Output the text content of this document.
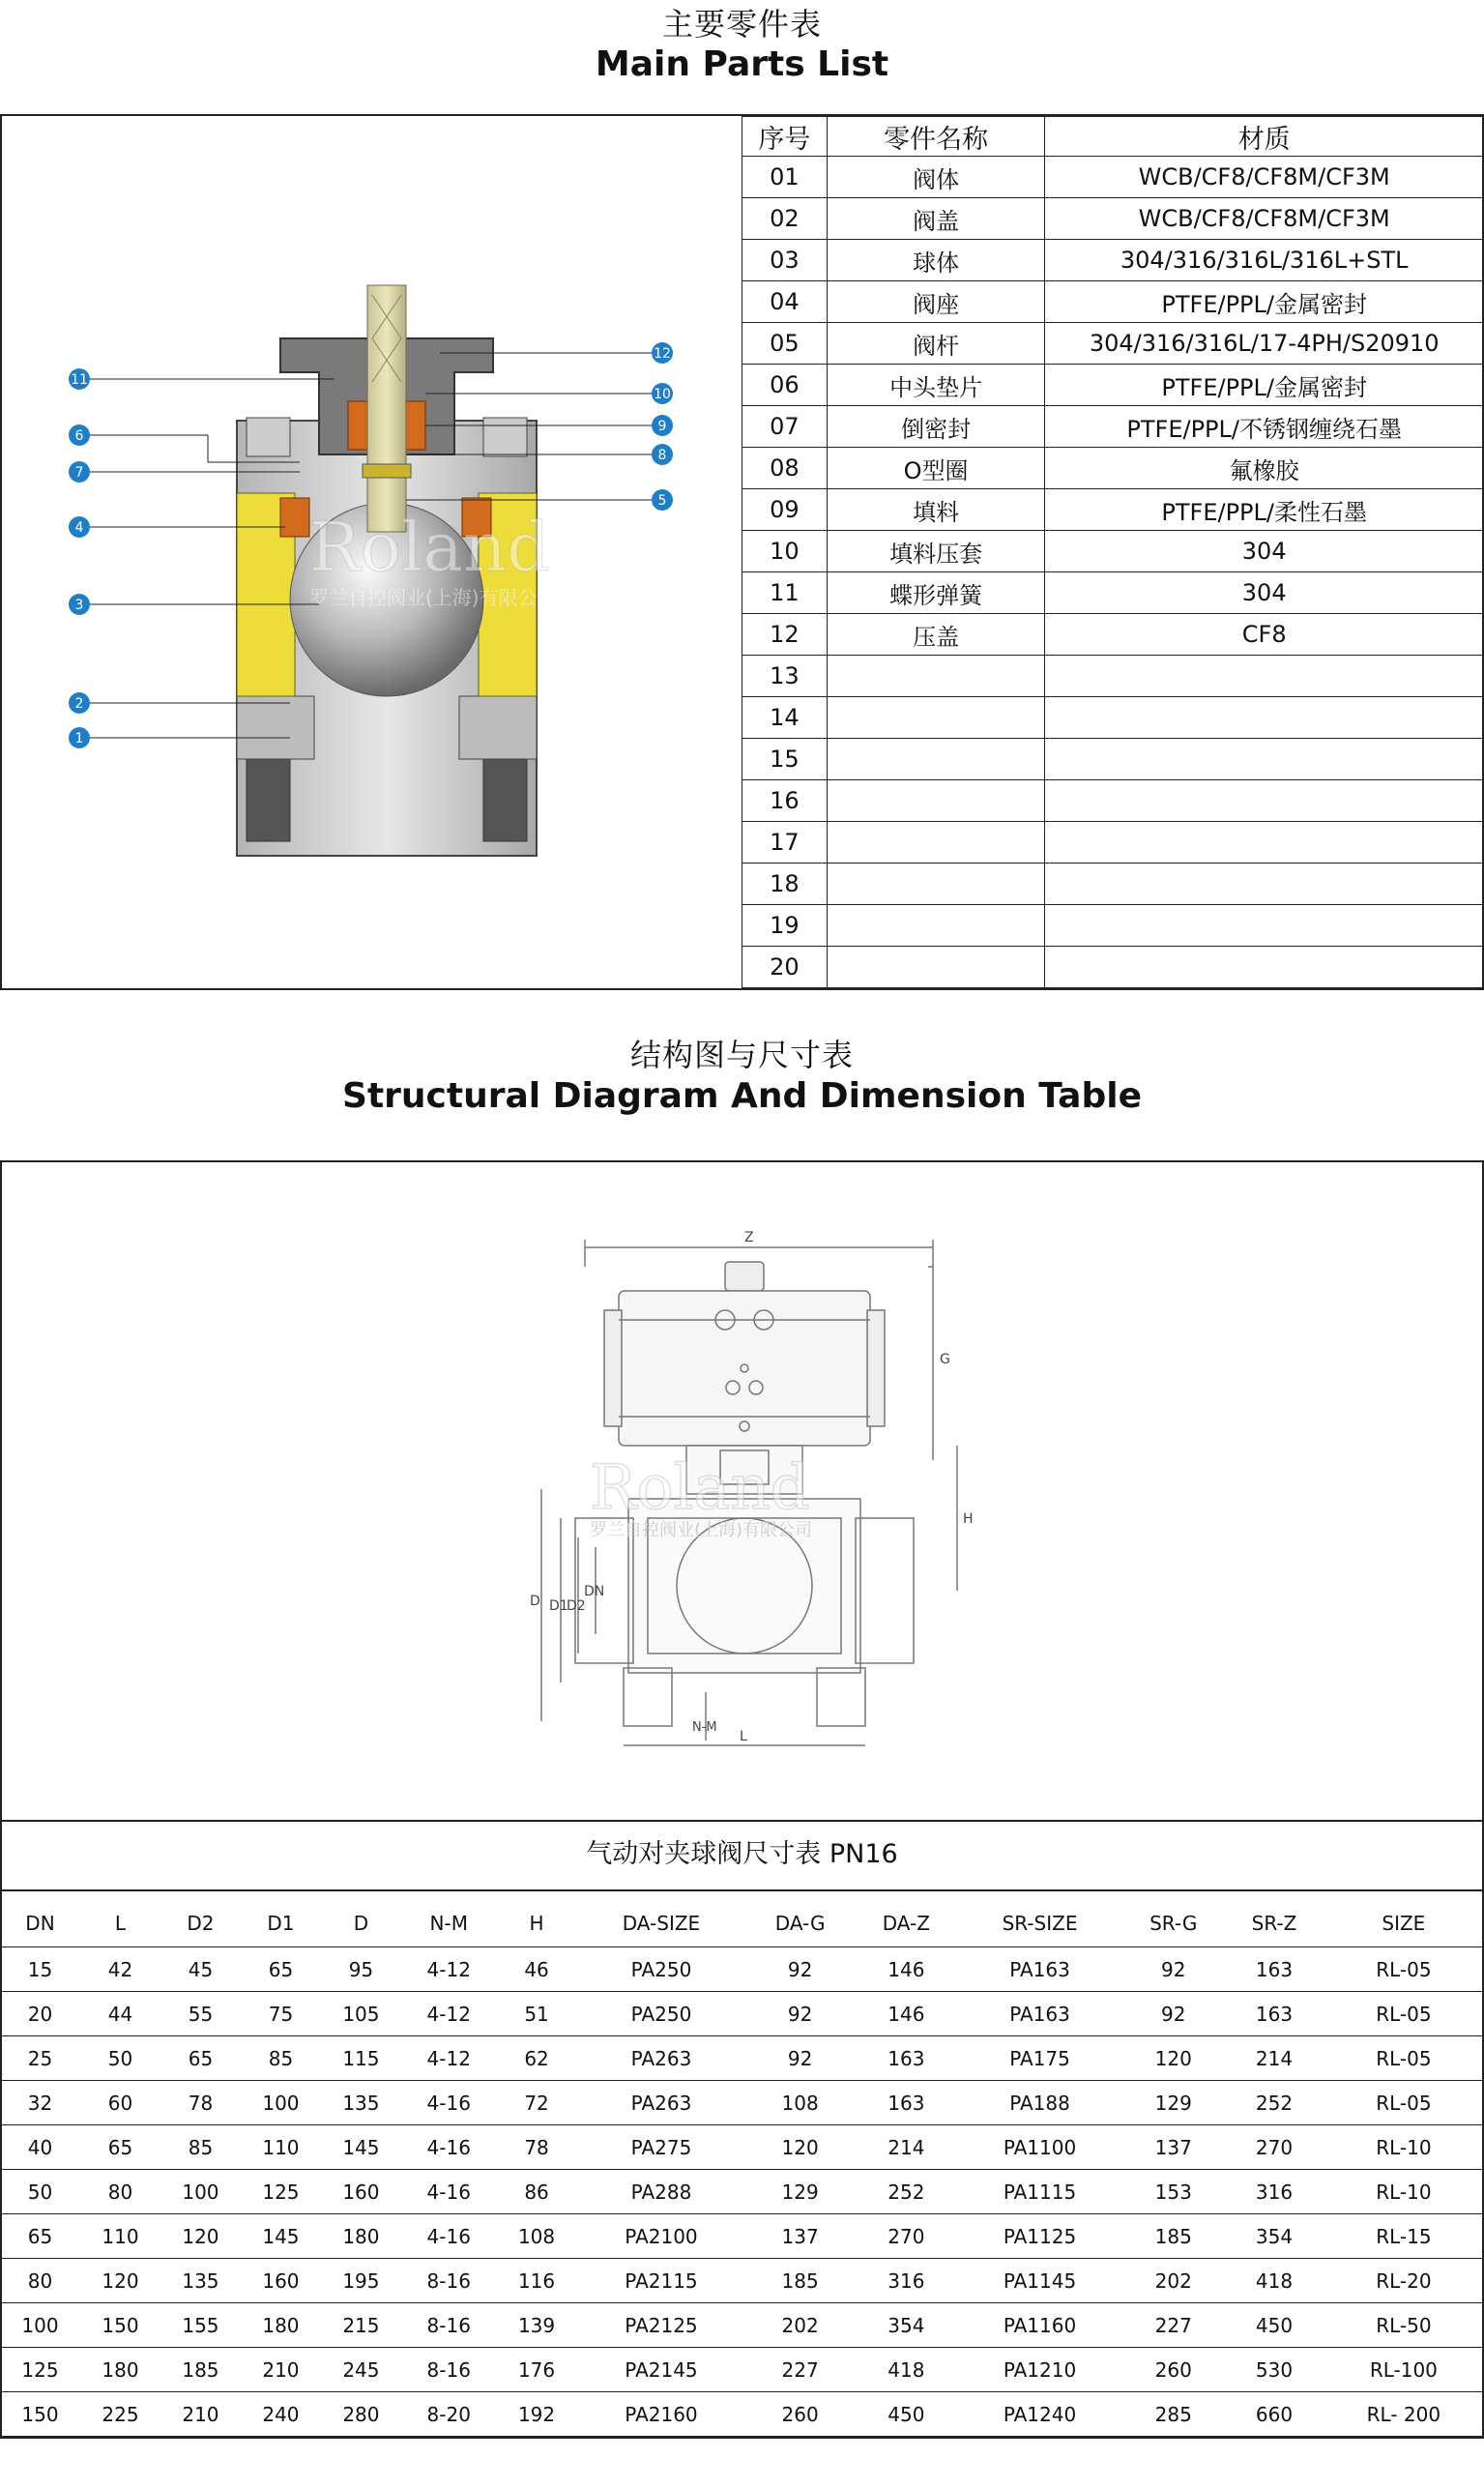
主要零件表
Main Parts List
Roland
罗兰自控阀业(上海)有限公司
11
6
7
4
3
2
1
12
10
9
8
5
序号	零件名称	材质
01	阀体	WCB/CF8/CF8M/CF3M
02	阀盖	WCB/CF8/CF8M/CF3M
03	球体	304/316/316L/316L+STL
04	阀座	PTFE/PPL/金属密封
05	阀杆	304/316/316L/17-4PH/S20910
06	中头垫片	PTFE/PPL/金属密封
07	倒密封	PTFE/PPL/不锈钢缠绕石墨
08	O型圈	氟橡胶
09	填料	PTFE/PPL/柔性石墨
10	填料压套	304
11	蝶形弹簧	304
12	压盖	CF8
13		
14		
15		
16		
17		
18		
19		
20		
结构图与尺寸表
Structural Diagram And Dimension Table
Z
G
H
D D1
D2
DN
N-M
L
Roland
罗兰自控阀业(上海)有限公司
气动对夹球阀尺寸表 PN16
DN	L	D2	D1	D	N-M	H	DA-SIZE	DA-G	DA-Z	SR-SIZE	SR-G	SR-Z	SIZE
15	42	45	65	95	4-12	46	PA250	92	146	PA163	92	163	RL-05
20	44	55	75	105	4-12	51	PA250	92	146	PA163	92	163	RL-05
25	50	65	85	115	4-12	62	PA263	92	163	PA175	120	214	RL-05
32	60	78	100	135	4-16	72	PA263	108	163	PA188	129	252	RL-05
40	65	85	110	145	4-16	78	PA275	120	214	PA1100	137	270	RL-10
50	80	100	125	160	4-16	86	PA288	129	252	PA1115	153	316	RL-10
65	110	120	145	180	4-16	108	PA2100	137	270	PA1125	185	354	RL-15
80	120	135	160	195	8-16	116	PA2115	185	316	PA1145	202	418	RL-20
100	150	155	180	215	8-16	139	PA2125	202	354	PA1160	227	450	RL-50
125	180	185	210	245	8-16	176	PA2145	227	418	PA1210	260	530	RL-100
150	225	210	240	280	8-20	192	PA2160	260	450	PA1240	285	660	RL- 200
